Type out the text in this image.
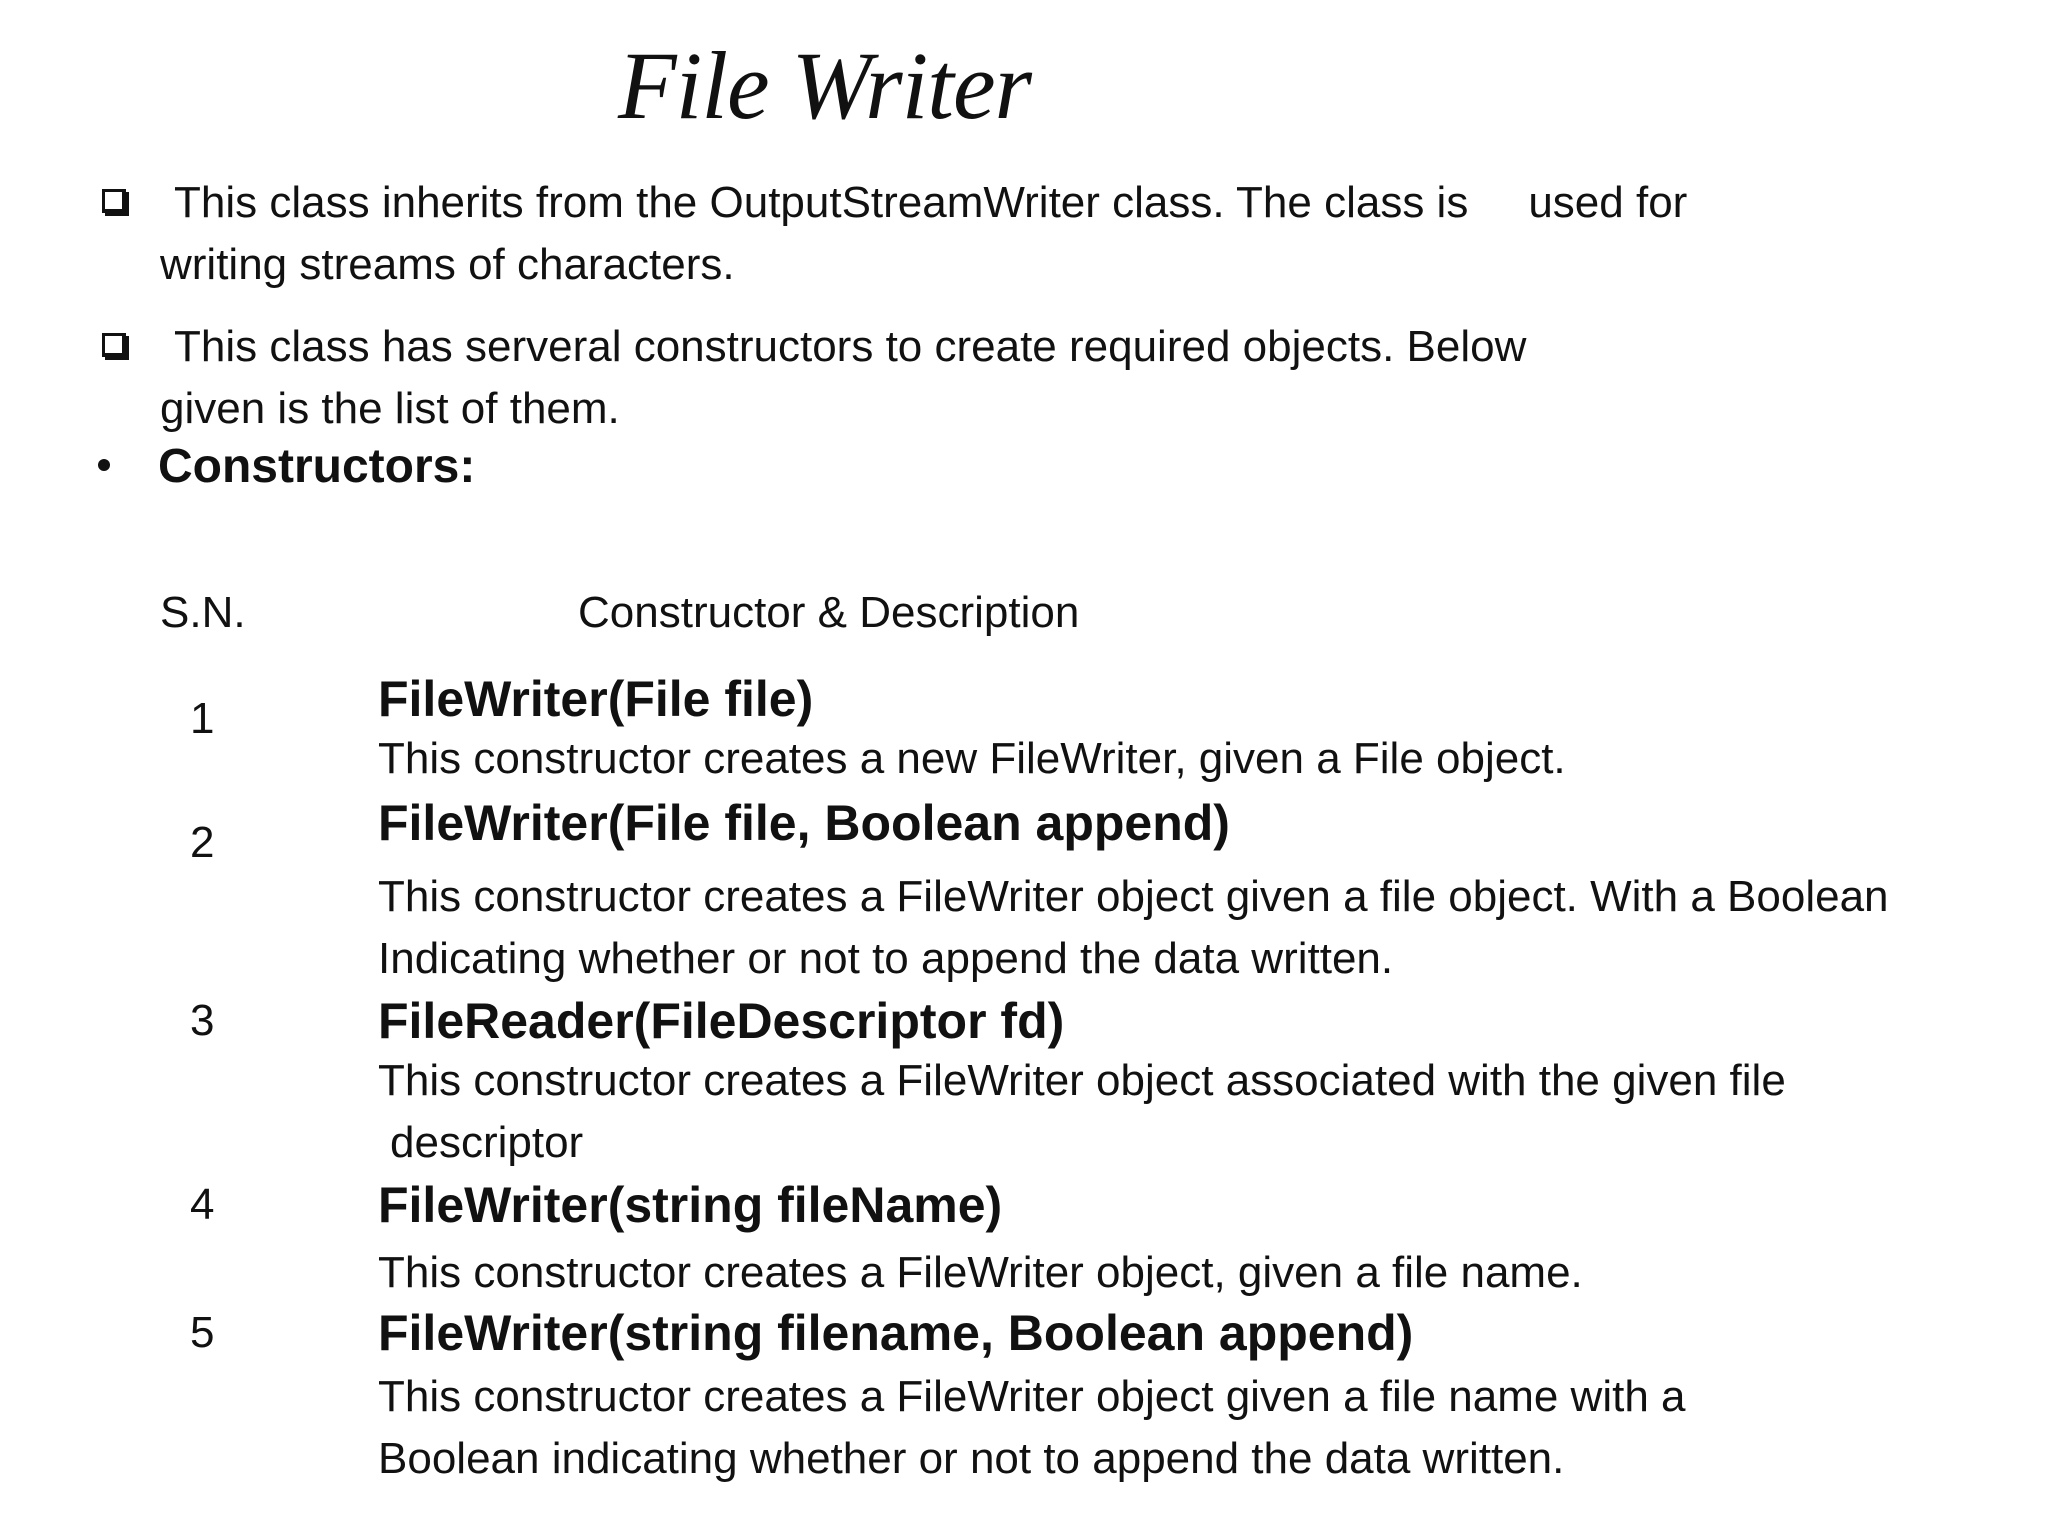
File Writer
This class inherits from the OutputStreamWriter class. The class is used for
writing streams of characters.
This class has serveral constructors to create required objects. Below
given is the list of them.
Constructors:
S.N.	Constructor & Description
1	FileWriter(File file)
This constructor creates a new FileWriter, given a File object.
2	FileWriter(File file, Boolean append)
This constructor creates a FileWriter object given a file object. With a Boolean
Indicating whether or not to append the data written.
3	FileReader(FileDescriptor fd)
This constructor creates a FileWriter object associated with the given file
descriptor
4	FileWriter(string fileName)
This constructor creates a FileWriter object, given a file name.
5	FileWriter(string filename, Boolean append)
This constructor creates a FileWriter object given a file name with a
Boolean indicating whether or not to append the data written.
